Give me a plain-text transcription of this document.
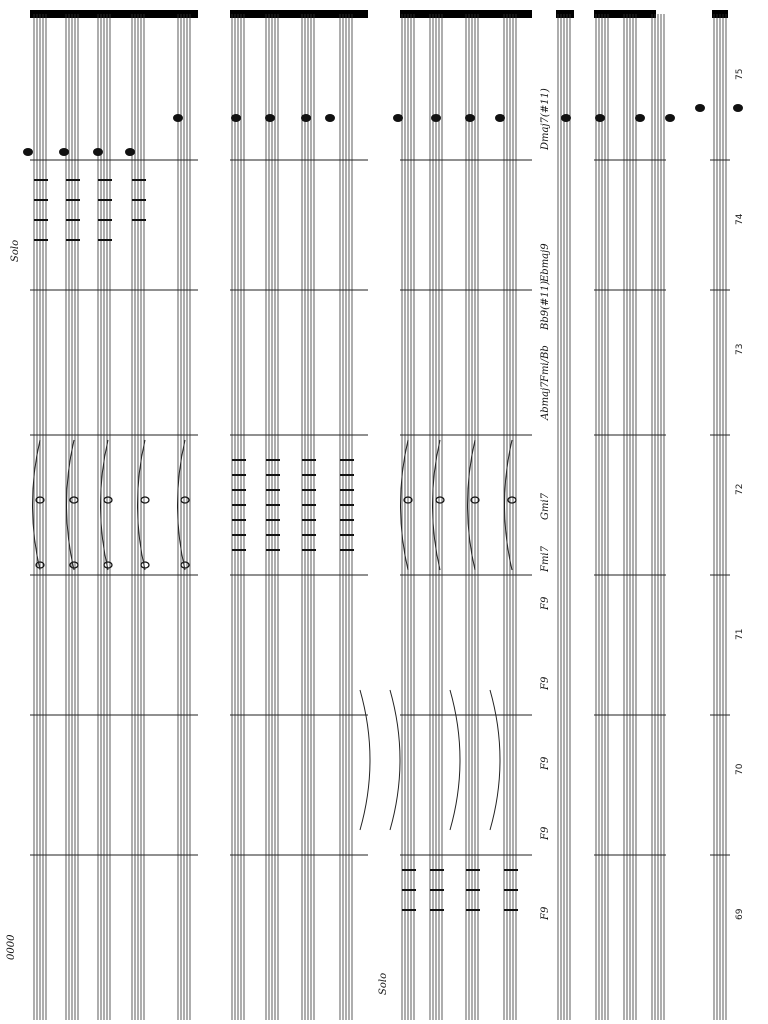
0000
Solo
Solo
Dmaj7(#11)
Ebmaj9
Bb9(#11)
Fmi/Bb
Abmaj7
Gmi7
Fmi7
F9
F9
F9
F9
F9
75
74
73
72
71
70
69
